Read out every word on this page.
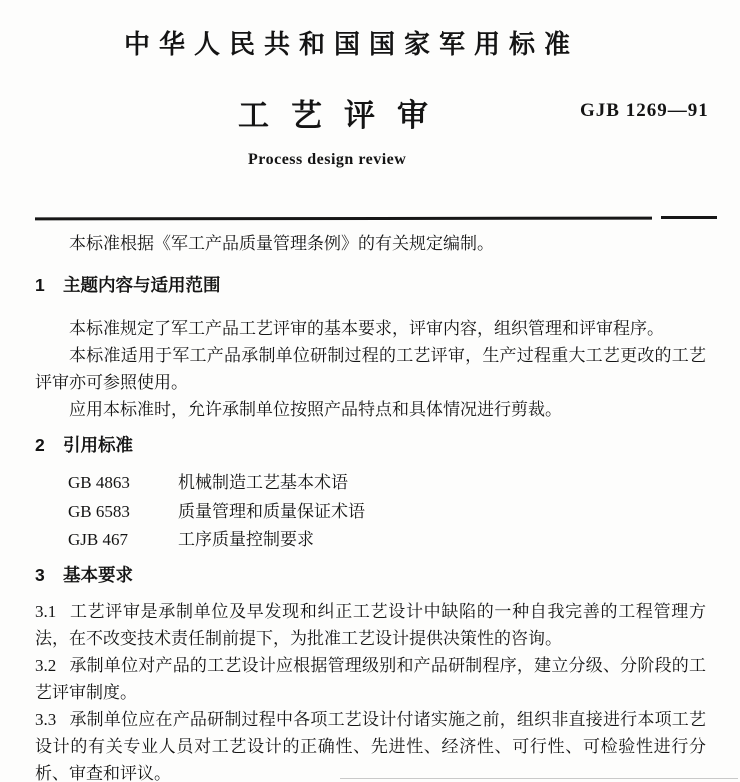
中华人民共和国国家军用标准
工艺评审	GJB 1269—91
Process design review

本标准根据《军工产品质量管理条例》的有关规定编制。

1 主题内容与适用范围

本标准规定了军工产品工艺评审的基本要求，评审内容，组织管理和评审程序。

本标准适用于军工产品承制单位研制过程的工艺评审，生产过程重大工艺更改的工艺评审亦可参照使用。

应用本标准时，允许承制单位按照产品特点和具体情况进行剪裁。

2 引用标准
GB 4863	机械制造工艺基本术语
GB 6583	质量管理和质量保证术语
GJB 467	工序质量控制要求
3 基本要求

3.1 工艺评审是承制单位及早发现和纠正工艺设计中缺陷的一种自我完善的工程管理方法，在不改变技术责任制前提下，为批准工艺设计提供决策性的咨询。

3.2 承制单位对产品的工艺设计应根据管理级别和产品研制程序，建立分级、分阶段的工艺评审制度。

3.3 承制单位应在产品研制过程中各项工艺设计付诸实施之前，组织非直接进行本项工艺设计的有关专业人员对工艺设计的正确性、先进性、经济性、可行性、可检验性进行分析、审查和评议。
